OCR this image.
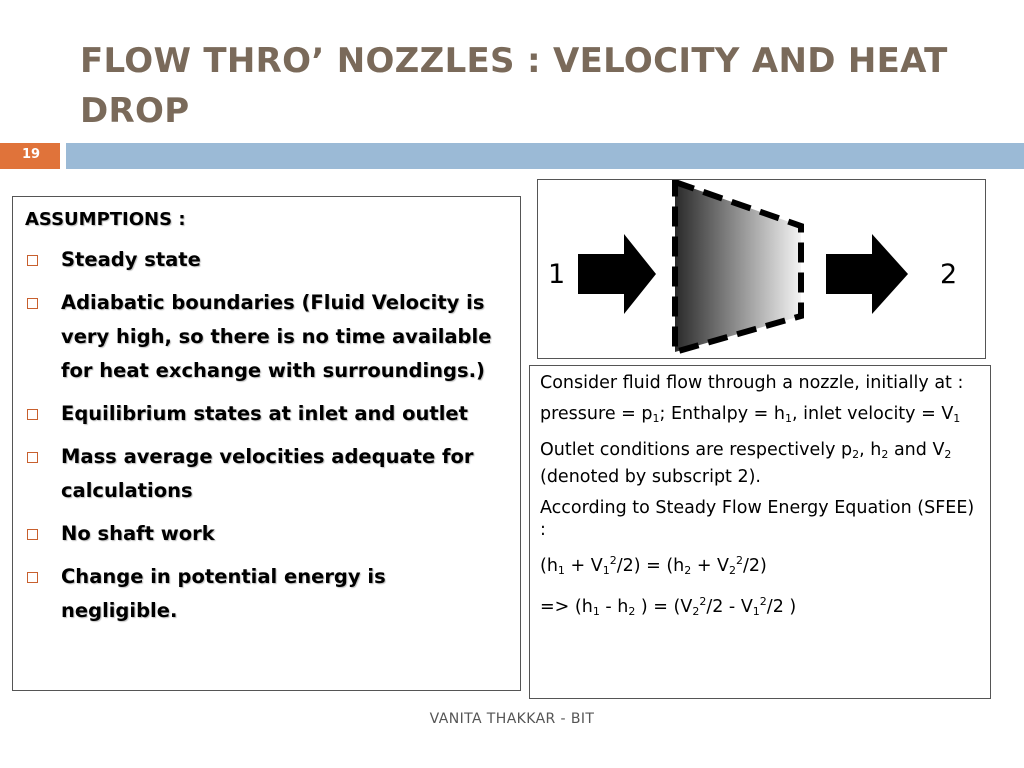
FLOW THRO’ NOZZLES : VELOCITY AND HEAT DROP
19
ASSUMPTIONS :
Steady state
Adiabatic boundaries (Fluid Velocity is very high, so there is no time available for heat exchange with surroundings.)
Equilibrium states at inlet and outlet
Mass average velocities adequate for calculations
No shaft work
Change in potential energy is negligible.
1	2

Consider fluid flow through a nozzle, initially at :

pressure = $p_1$; Enthalpy = $h_1$, inlet velocity = $V_1$

Outlet conditions are respectively $p_2$, $h_2$ and $V_2$ (denoted by subscript 2).

According to Steady Flow Energy Equation (SFEE) :

$(h_1 + V_1^2/2) = (h_2 + V_2^2/2)$

=> ($h_1 - h_2$ ) = ($V_2^2/2 - V_1^2/2$ )

VANITA THAKKAR - BIT
